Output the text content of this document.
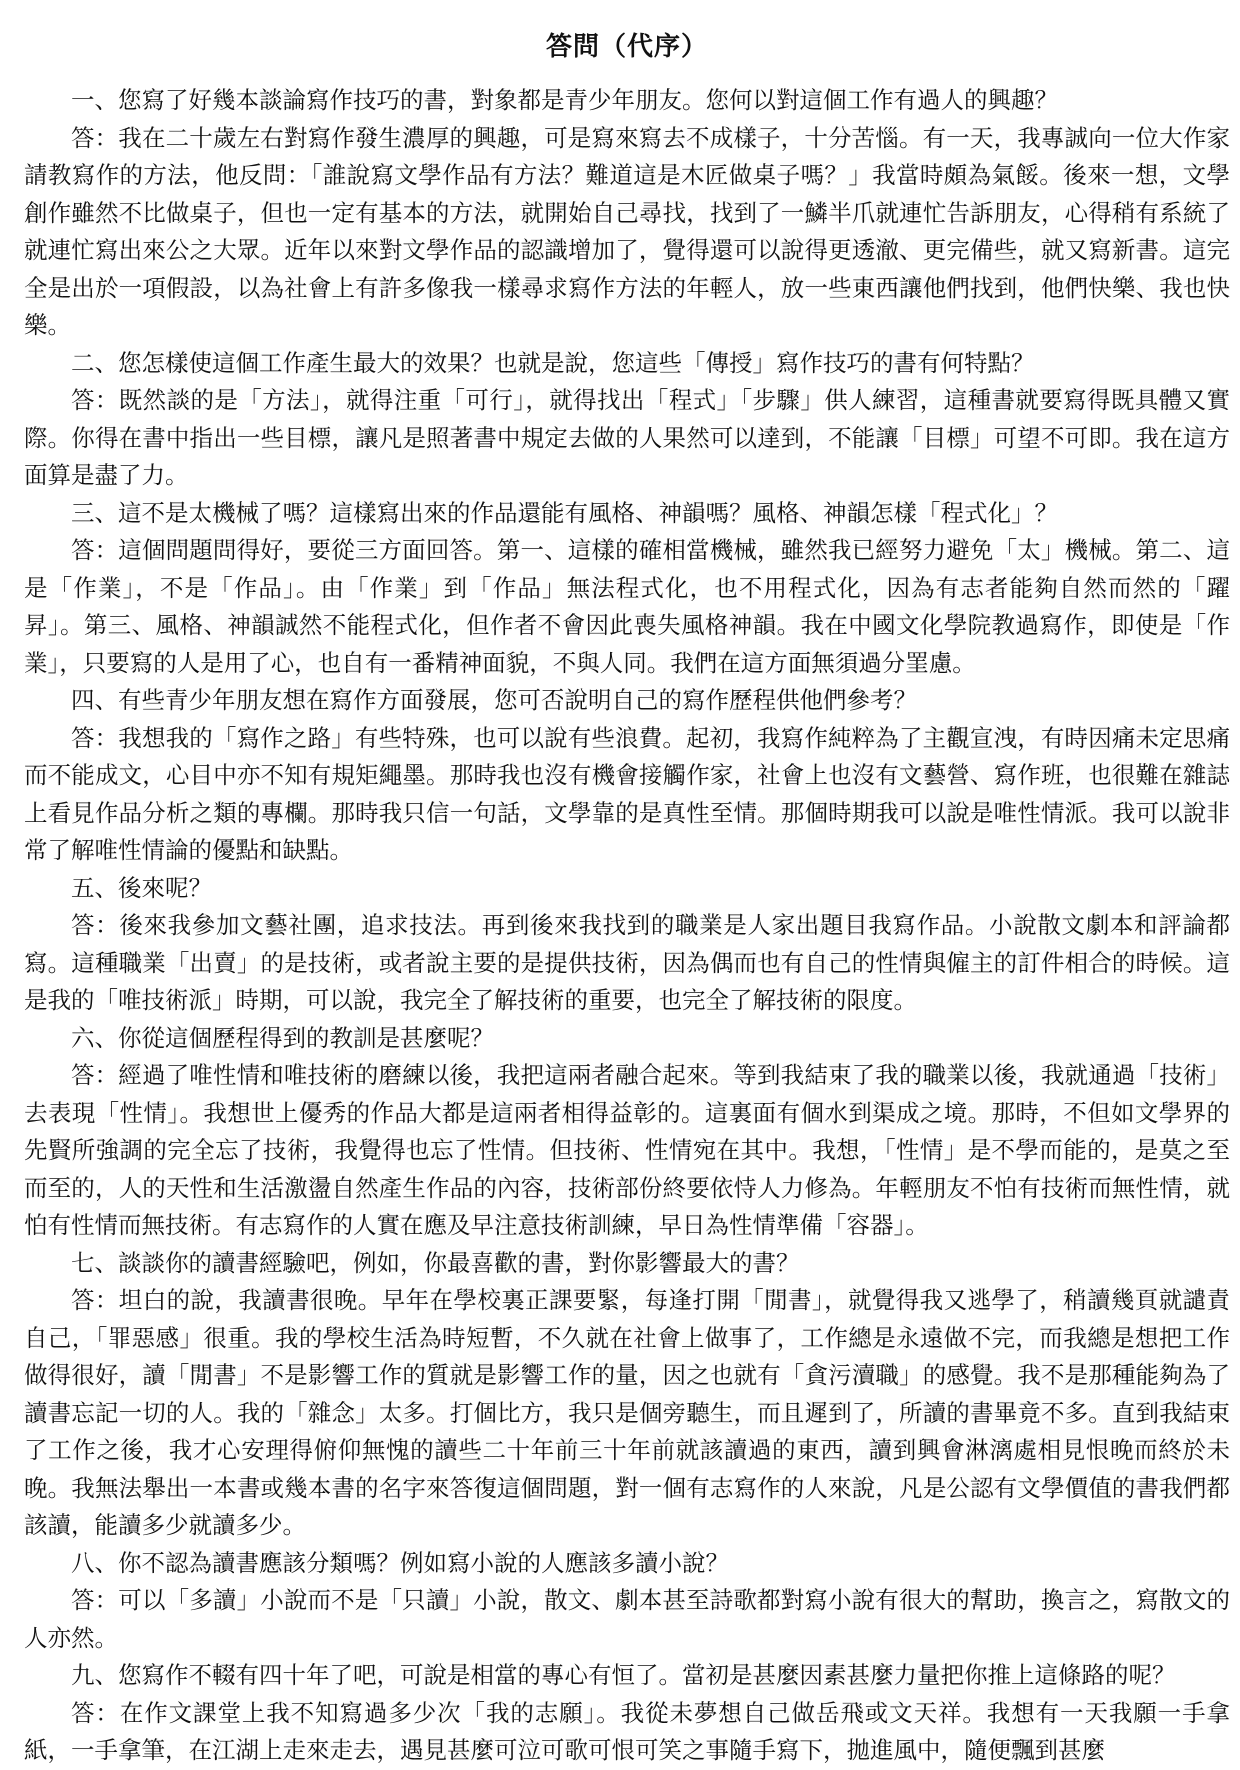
答問（代序）

一、您寫了好幾本談論寫作技巧的書，對象都是青少年朋友。您何以對這個工作有過人的興趣？

答：我在二十歲左右對寫作發生濃厚的興趣，可是寫來寫去不成樣子，十分苦惱。有一天，我專誠向一位大作家請教寫作的方法，他反問：「誰說寫文學作品有方法？難道這是木匠做桌子嗎？」我當時頗為氣餒。後來一想，文學創作雖然不比做桌子，但也一定有基本的方法，就開始自己尋找，找到了一鱗半爪就連忙告訴朋友，心得稍有系統了就連忙寫出來公之大眾。近年以來對文學作品的認識增加了，覺得還可以說得更透澈、更完備些，就又寫新書。這完全是出於一項假設，以為社會上有許多像我一樣尋求寫作方法的年輕人，放一些東西讓他們找到，他們快樂、我也快樂。

二、您怎樣使這個工作產生最大的效果？也就是說，您這些「傳授」寫作技巧的書有何特點？

答：既然談的是「方法」，就得注重「可行」，就得找出「程式」「步驟」供人練習，這種書就要寫得既具體又實際。你得在書中指出一些目標，讓凡是照著書中規定去做的人果然可以達到，不能讓「目標」可望不可即。我在這方面算是盡了力。

三、這不是太機械了嗎？這樣寫出來的作品還能有風格、神韻嗎？風格、神韻怎樣「程式化」？

答：這個問題問得好，要從三方面回答。第一、這樣的確相當機械，雖然我已經努力避免「太」機械。第二、這是「作業」，不是「作品」。由「作業」到「作品」無法程式化，也不用程式化，因為有志者能夠自然而然的「躍昇」。第三、風格、神韻誠然不能程式化，但作者不會因此喪失風格神韻。我在中國文化學院教過寫作，即使是「作業」，只要寫的人是用了心，也自有一番精神面貌，不與人同。我們在這方面無須過分罣慮。

四、有些青少年朋友想在寫作方面發展，您可否說明自己的寫作歷程供他們參考？

答：我想我的「寫作之路」有些特殊，也可以說有些浪費。起初，我寫作純粹為了主觀宣洩，有時因痛未定思痛而不能成文，心目中亦不知有規矩繩墨。那時我也沒有機會接觸作家，社會上也沒有文藝營、寫作班，也很難在雜誌上看見作品分析之類的專欄。那時我只信一句話，文學靠的是真性至情。那個時期我可以說是唯性情派。我可以說非常了解唯性情論的優點和缺點。

五、後來呢？

答：後來我參加文藝社團，追求技法。再到後來我找到的職業是人家出題目我寫作品。小說散文劇本和評論都寫。這種職業「出賣」的是技術，或者說主要的是提供技術，因為偶而也有自己的性情與僱主的訂件相合的時候。這是我的「唯技術派」時期，可以說，我完全了解技術的重要，也完全了解技術的限度。

六、你從這個歷程得到的教訓是甚麼呢？

答：經過了唯性情和唯技術的磨練以後，我把這兩者融合起來。等到我結束了我的職業以後，我就通過「技術」去表現「性情」。我想世上優秀的作品大都是這兩者相得益彰的。這裏面有個水到渠成之境。那時，不但如文學界的先賢所強調的完全忘了技術，我覺得也忘了性情。但技術、性情宛在其中。我想，「性情」是不學而能的，是莫之至而至的，人的天性和生活激盪自然產生作品的內容，技術部份終要依恃人力修為。年輕朋友不怕有技術而無性情，就怕有性情而無技術。有志寫作的人實在應及早注意技術訓練，早日為性情準備「容器」。

七、談談你的讀書經驗吧，例如，你最喜歡的書，對你影響最大的書？

答：坦白的說，我讀書很晚。早年在學校裏正課要緊，每逢打開「閒書」，就覺得我又逃學了，稍讀幾頁就譴責自己，「罪惡感」很重。我的學校生活為時短暫，不久就在社會上做事了，工作總是永遠做不完，而我總是想把工作做得很好，讀「閒書」不是影響工作的質就是影響工作的量，因之也就有「貪污瀆職」的感覺。我不是那種能夠為了讀書忘記一切的人。我的「雜念」太多。打個比方，我只是個旁聽生，而且遲到了，所讀的書畢竟不多。直到我結束了工作之後，我才心安理得俯仰無愧的讀些二十年前三十年前就該讀過的東西，讀到興會淋漓處相見恨晚而終於未晚。我無法舉出一本書或幾本書的名字來答復這個問題，對一個有志寫作的人來說，凡是公認有文學價值的書我們都該讀，能讀多少就讀多少。

八、你不認為讀書應該分類嗎？例如寫小說的人應該多讀小說？

答：可以「多讀」小說而不是「只讀」小說，散文、劇本甚至詩歌都對寫小說有很大的幫助，換言之，寫散文的人亦然。

九、您寫作不輟有四十年了吧，可說是相當的專心有恒了。當初是甚麼因素甚麼力量把你推上這條路的呢？

答：在作文課堂上我不知寫過多少次「我的志願」。我從未夢想自己做岳飛或文天祥。我想有一天我願一手拿紙，一手拿筆，在江湖上走來走去，遇見甚麼可泣可歌可恨可笑之事隨手寫下，拋進風中，隨便飄到甚麼
